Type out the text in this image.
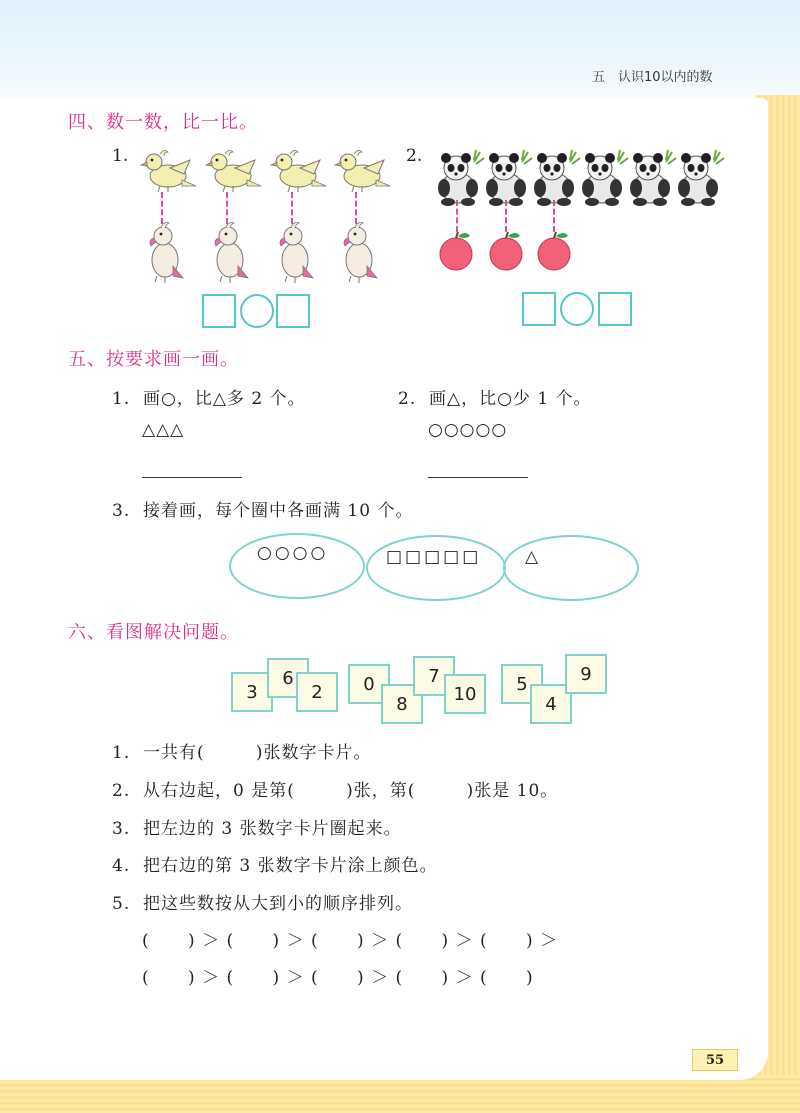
五　认识10以内的数
四、数一数，比一比。
1.	2.
五、按要求画一画。
1.  画○，比△多 2 个。
△△△
2.  画△，比○少 1 个。
○○○○○
3.  接着画，每个圈中各画满 10 个。
○○○○	□□□□□	△
六、看图解决问题。
3
6
2	0
8
7
10	5
4
9
1.  一共有(        )张数字卡片。
2.  从右边起，0 是第(        )张，第(        )张是 10。
3.  把左边的 3 张数字卡片圈起来。
4.  把右边的第 3 张数字卡片涂上颜色。
5.  把这些数按从大到小的顺序排列。
(      ) ＞ (      ) ＞ (      ) ＞ (      ) ＞ (      ) ＞
(      ) ＞ (      ) ＞ (      ) ＞ (      ) ＞ (      )
55
